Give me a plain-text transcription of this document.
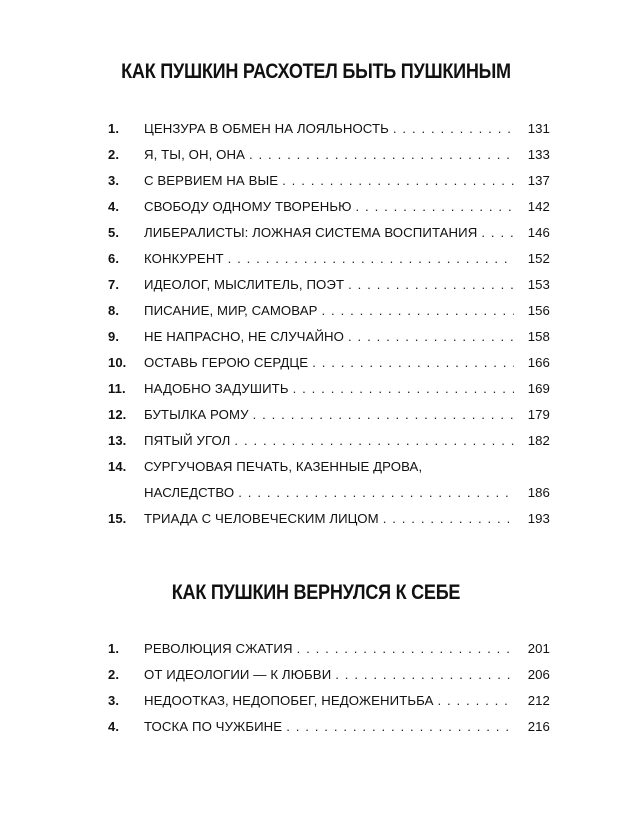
КАК ПУШКИН РАСХОТЕЛ БЫТЬ ПУШКИНЫМ
1.	ЦЕНЗУРА В ОБМЕН НА ЛОЯЛЬНОСТЬ . . .	131
2.	Я, ТЫ, ОН, ОНА . . .	133
3.	С ВЕРВИЕМ НА ВЫЕ . . .	137
4.	СВОБОДУ ОДНОМУ ТВОРЕНЬЮ . . .	142
5.	ЛИБЕРАЛИСТЫ: ЛОЖНАЯ СИСТЕМА ВОСПИТАНИЯ . . .	146
6.	КОНКУРЕНТ . . .	152
7.	ИДЕОЛОГ, МЫСЛИТЕЛЬ, ПОЭТ . . .	153
8.	ПИСАНИЕ, МИР, САМОВАР . . .	156
9.	НЕ НАПРАСНО, НЕ СЛУЧАЙНО . . .	158
10.	ОСТАВЬ ГЕРОЮ СЕРДЦЕ . . .	166
11.	НАДОБНО ЗАДУШИТЬ . . .	169
12.	БУТЫЛКА РОМУ . . .	179
13.	ПЯТЫЙ УГОЛ . . .	182
14.	СУРГУЧОВАЯ ПЕЧАТЬ, КАЗЕННЫЕ ДРОВА,
НАСЛЕДСТВО . . .	186
15.	ТРИАДА С ЧЕЛОВЕЧЕСКИМ ЛИЦОМ . . .	193
КАК ПУШКИН ВЕРНУЛСЯ К СЕБЕ
1.	РЕВОЛЮЦИЯ СЖАТИЯ . . .	201
2.	ОТ ИДЕОЛОГИИ — К ЛЮБВИ . . .	206
3.	НЕДООТКАЗ, НЕДОПОБЕГ, НЕДОЖЕНИТЬБА . . .	212
4.	ТОСКА ПО ЧУЖБИНЕ . . .	216
